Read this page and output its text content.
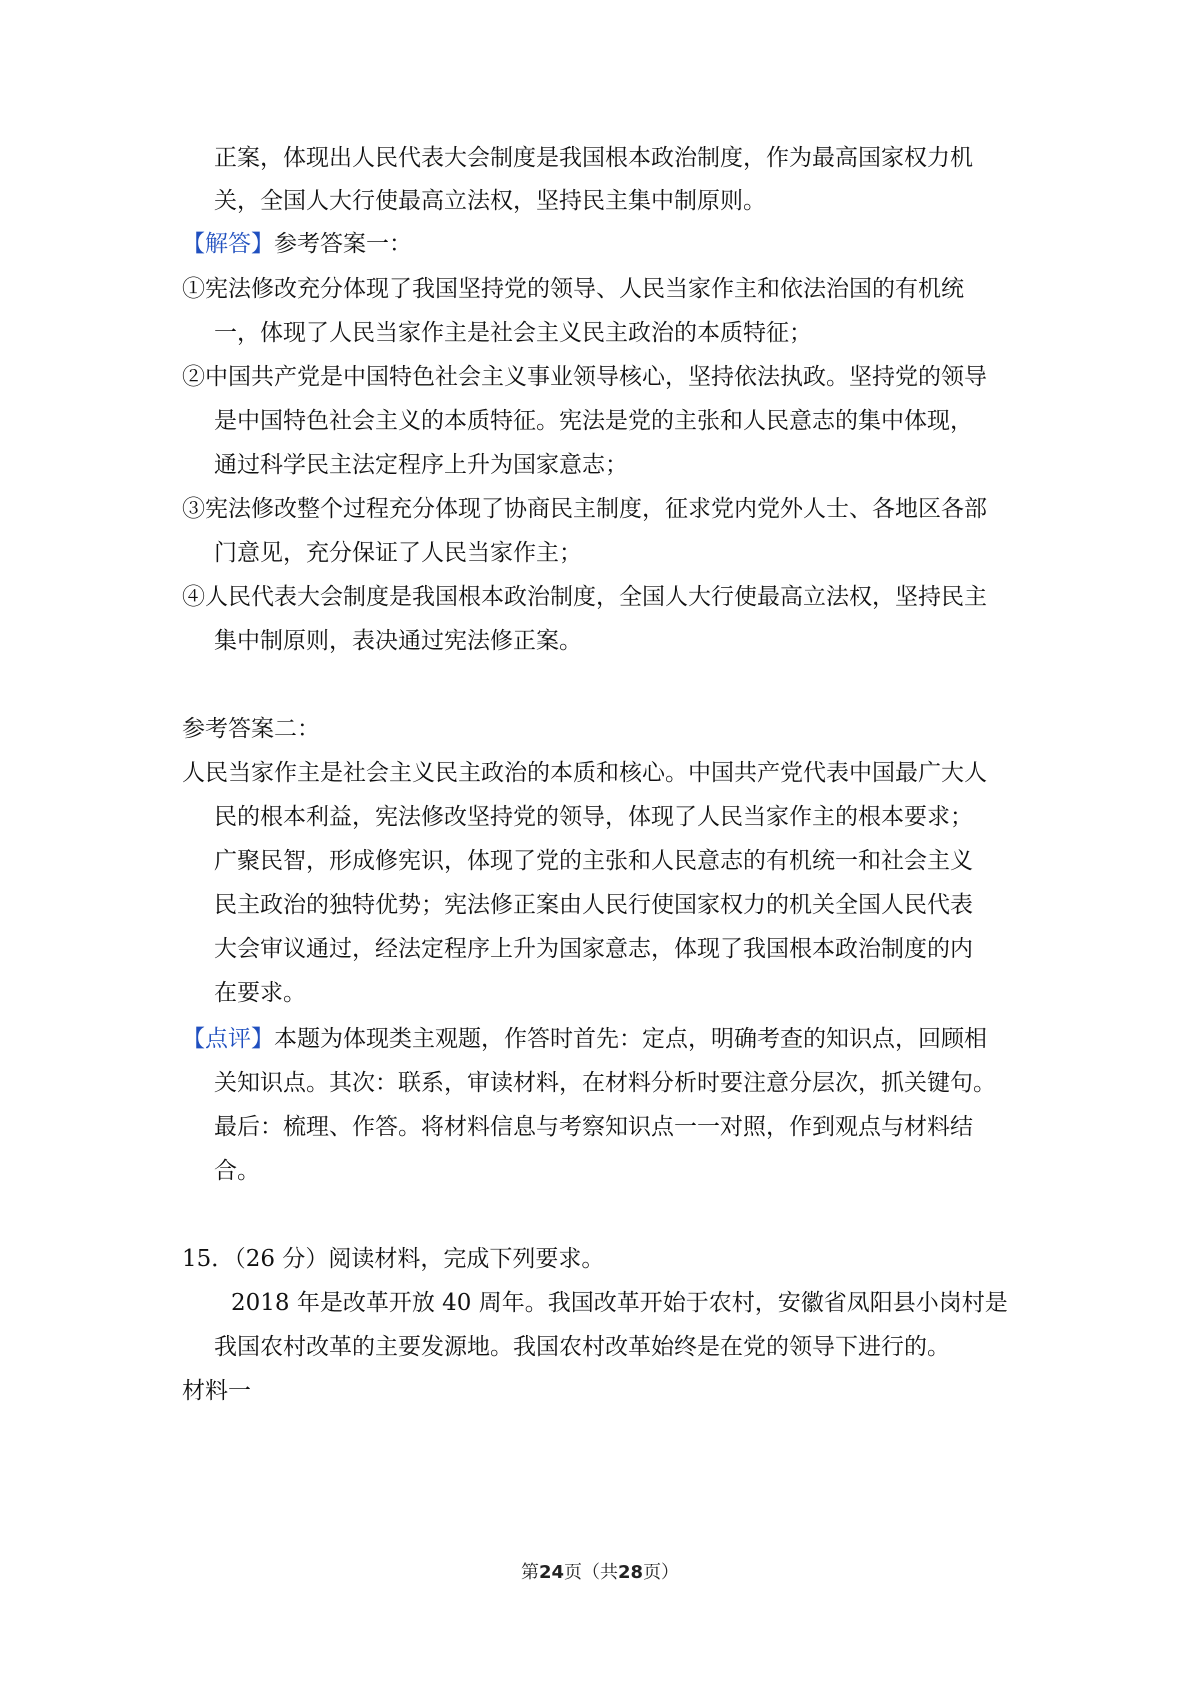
正案，体现出人民代表大会制度是我国根本政治制度，作为最高国家权力机
关，全国人大行使最高立法权，坚持民主集中制原则。
【解答】参考答案一：
①宪法修改充分体现了我国坚持党的领导、人民当家作主和依法治国的有机统
一，体现了人民当家作主是社会主义民主政治的本质特征；
②中国共产党是中国特色社会主义事业领导核心，坚持依法执政。坚持党的领导
是中国特色社会主义的本质特征。宪法是党的主张和人民意志的集中体现，
通过科学民主法定程序上升为国家意志；
③宪法修改整个过程充分体现了协商民主制度，征求党内党外人士、各地区各部
门意见，充分保证了人民当家作主；
④人民代表大会制度是我国根本政治制度，全国人大行使最高立法权，坚持民主
集中制原则，表决通过宪法修正案。
参考答案二：
人民当家作主是社会主义民主政治的本质和核心。中国共产党代表中国最广大人
民的根本利益，宪法修改坚持党的领导，体现了人民当家作主的根本要求；
广聚民智，形成修宪识，体现了党的主张和人民意志的有机统一和社会主义
民主政治的独特优势；宪法修正案由人民行使国家权力的机关全国人民代表
大会审议通过，经法定程序上升为国家意志，体现了我国根本政治制度的内
在要求。
【点评】本题为体现类主观题，作答时首先：定点，明确考查的知识点，回顾相
关知识点。其次：联系，审读材料，在材料分析时要注意分层次，抓关键句。
最后：梳理、作答。将材料信息与考察知识点一一对照，作到观点与材料结
合。
15．（26 分）阅读材料，完成下列要求。
2018 年是改革开放 40 周年。我国改革开始于农村，安徽省凤阳县小岗村是
我国农村改革的主要发源地。我国农村改革始终是在党的领导下进行的。
材料一
第24页（共28页）
